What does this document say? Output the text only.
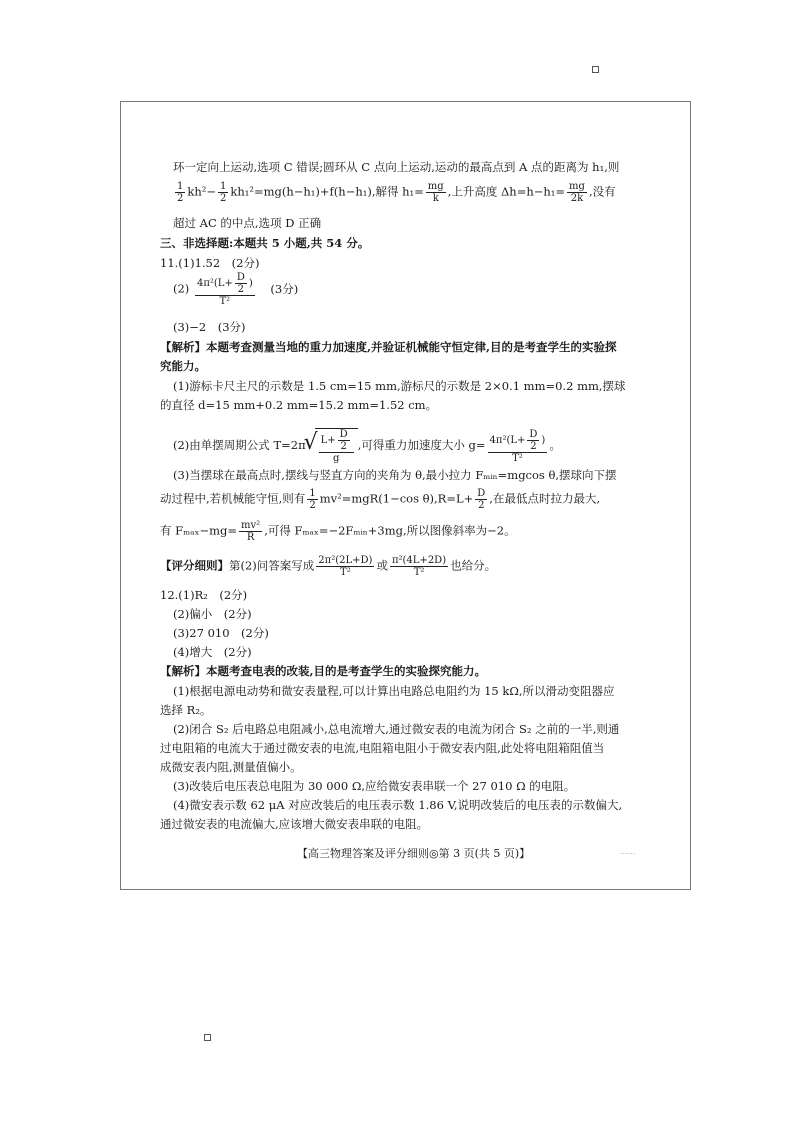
环一定向上运动,选项 C 错误;圆环从 C 点向上运动,运动的最高点到 A 点的距离为 h₁,则
$\frac{1}{2} kh^2- \frac{1}{2} kh_1^2=mg(h-h_1)+f(h-h_1)$,解得 $h_1= \frac{mg}{k}$ ,上升高度 $\Delta h=h-h_1= \frac{mg}{2k}$ ,没有
超过 AC 的中点,选项 D 正确
三、非选择题:本题共 5 小题,共 54 分。
11.(1)1.52　(2分)
$(2) \frac{4\pi^2(L+ \frac{D}{2} )}{\text{T²}} (3$分)
(3)−2　(3分)
【解析】本题考查测量当地的重力加速度,并验证机械能守恒定律,目的是考查学生的实验探
究能力。
(1)游标卡尺主尺的示数是 1.5 cm=15 mm,游标尺的示数是 2×0.1 mm=0.2 mm,摆球
的直径 d=15 mm+0.2 mm=15.2 mm=1.52 cm。
(2)由单摆周期公式 T=2π
√ $\frac{L+ \frac{D}{2}}{g}$ ,可得重力加速度大小 $g= \frac{4\pi^2(L+ \frac{D}{2} )}{\text{T²}}$ 。
(3)当摆球在最高点时,摆线与竖直方向的夹角为 θ,最小拉力 Fₘᵢₙ=mgcos θ,摆球向下摆
动过程中,若机械能守恒,则有 $\frac{1}{2} mv^2=mgR(1-\cos$ $\theta),R=L+ \frac{D}{2}$ ,在最低点时拉力最大,
有 $F_{max}-mg= \frac{\text{mv²}}{R}$ ,可得 Fₘₐₓ=−2Fₘᵢₙ+3mg,所以图像斜率为−2。
【评分细则】第(2)问答案写成 $\frac{\text{2π²(2L+D)}}{\text{T²}}$ 或 $\frac{\text{π²(4L+2D)}}{\text{T²}}$ 也给分。
12.(1)R₂　(2分)
(2)偏小　(2分)
(3)27 010　(2分)
(4)增大　(2分)
【解析】本题考查电表的改装,目的是考查学生的实验探究能力。
(1)根据电源电动势和微安表量程,可以计算出电路总电阻约为 15 kΩ,所以滑动变阻器应
选择 R₂。
(2)闭合 S₂ 后电路总电阻减小,总电流增大,通过微安表的电流为闭合 S₂ 之前的一半,则通
过电阻箱的电流大于通过微安表的电流,电阻箱电阻小于微安表内阻,此处将电阻箱阻值当
成微安表内阻,测量值偏小。
(3)改装后电压表总电阻为 30 000 Ω,应给微安表串联一个 27 010 Ω 的电阻。
(4)微安表示数 62 μA 对应改装后的电压表示数 1.86 V,说明改装后的电压表的示数偏大,
通过微安表的电流偏大,应该增大微安表串联的电阻。
【高三物理答案及评分细则◎第 3 页(共 5 页)】	......
